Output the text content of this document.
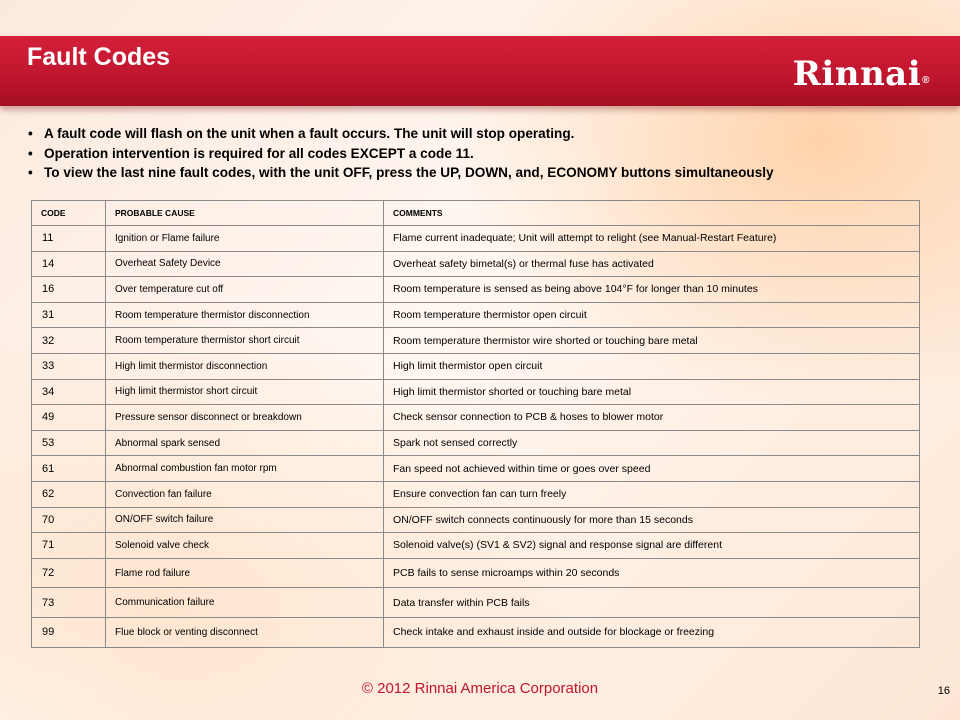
Fault Codes	Rinnai®
• A fault code will flash on the unit when a fault occurs. The unit will stop operating.
• Operation intervention is required for all codes EXCEPT a code 11.
• To view the last nine fault codes, with the unit OFF, press the UP, DOWN, and, ECONOMY buttons simultaneously
CODE	PROBABLE CAUSE	COMMENTS
11	Ignition or Flame failure	Flame current inadequate; Unit will attempt to relight (see Manual-Restart Feature)
14	Overheat Safety Device	Overheat safety bimetal(s) or thermal fuse has activated
16	Over temperature cut off	Room temperature is sensed as being above 104°F for longer than 10 minutes
31	Room temperature thermistor disconnection	Room temperature thermistor open circuit
32	Room temperature thermistor short circuit	Room temperature thermistor wire shorted or touching bare metal
33	High limit thermistor disconnection	High limit thermistor open circuit
34	High limit thermistor short circuit	High limit thermistor shorted or touching bare metal
49	Pressure sensor disconnect or breakdown	Check sensor connection to PCB & hoses to blower motor
53	Abnormal spark sensed	Spark not sensed correctly
61	Abnormal combustion fan motor rpm	Fan speed not achieved within time or goes over speed
62	Convection fan failure	Ensure convection fan can turn freely
70	ON/OFF switch failure	ON/OFF switch connects continuously for more than 15 seconds
71	Solenoid valve check	Solenoid valve(s) (SV1 & SV2) signal and response signal are different
72	Flame rod failure	PCB fails to sense microamps within 20 seconds
73	Communication failure	Data transfer within PCB fails
99	Flue block or venting disconnect	Check intake and exhaust inside and outside for blockage or freezing
© 2012 Rinnai America Corporation	16
